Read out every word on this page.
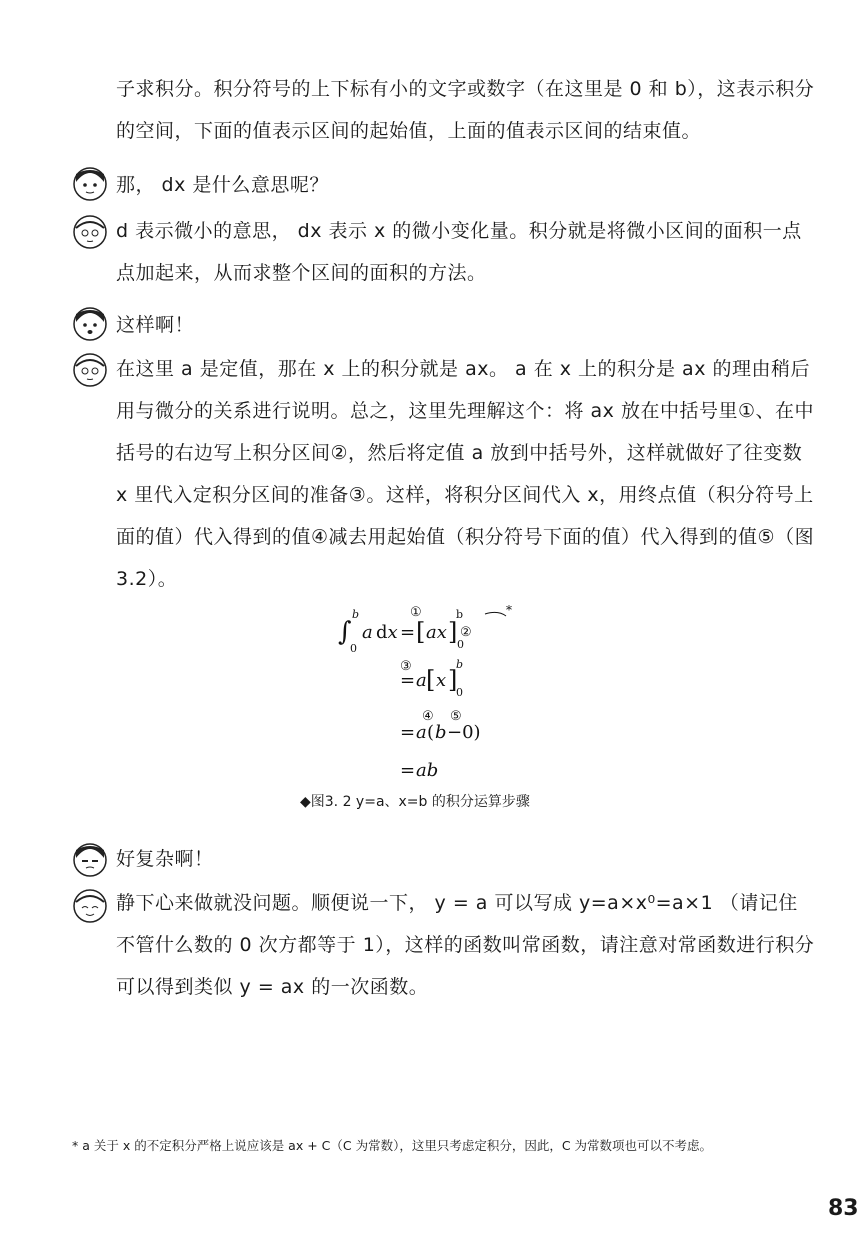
子求积分。积分符号的上下标有小的文字或数字（在这里是 0 和 b），这表示积分的空间，下面的值表示区间的起始值，上面的值表示区间的结束值。
那， dx 是什么意思呢？
d 表示微小的意思， dx 表示 x 的微小变化量。积分就是将微小区间的面积一点点加起来，从而求整个区间的面积的方法。
这样啊！
在这里 a 是定值，那在 x 上的积分就是 ax。 a 在 x 上的积分是 ax 的理由稍后用与微分的关系进行说明。总之，这里先理解这个：将 ax 放在中括号里①、在中括号的右边写上积分区间②，然后将定值 a 放到中括号外，这样就做好了往变数 x 里代入定积分区间的准备③。这样，将积分区间代入 x，用终点值（积分符号上面的值）代入得到的值④减去用起始值（积分符号下面的值）代入得到的值⑤（图 3.2）。
∫
b
0
a dx = [ ax ]
b
0
①
②
*
= a [ x ]
b
0
③
= a ( b −0)
④ ⑤
= ab
◆图3. 2 y=a、x=b 的积分运算步骤
好复杂啊！
静下心来做就没问题。顺便说一下， y = a 可以写成 y=a×x⁰=a×1 （请记住不管什么数的 0 次方都等于 1），这样的函数叫常函数，请注意对常函数进行积分可以得到类似 y = ax 的一次函数。
* a 关于 x 的不定积分严格上说应该是 ax + C（C 为常数），这里只考虑定积分，因此，C 为常数项也可以不考虑。
83
